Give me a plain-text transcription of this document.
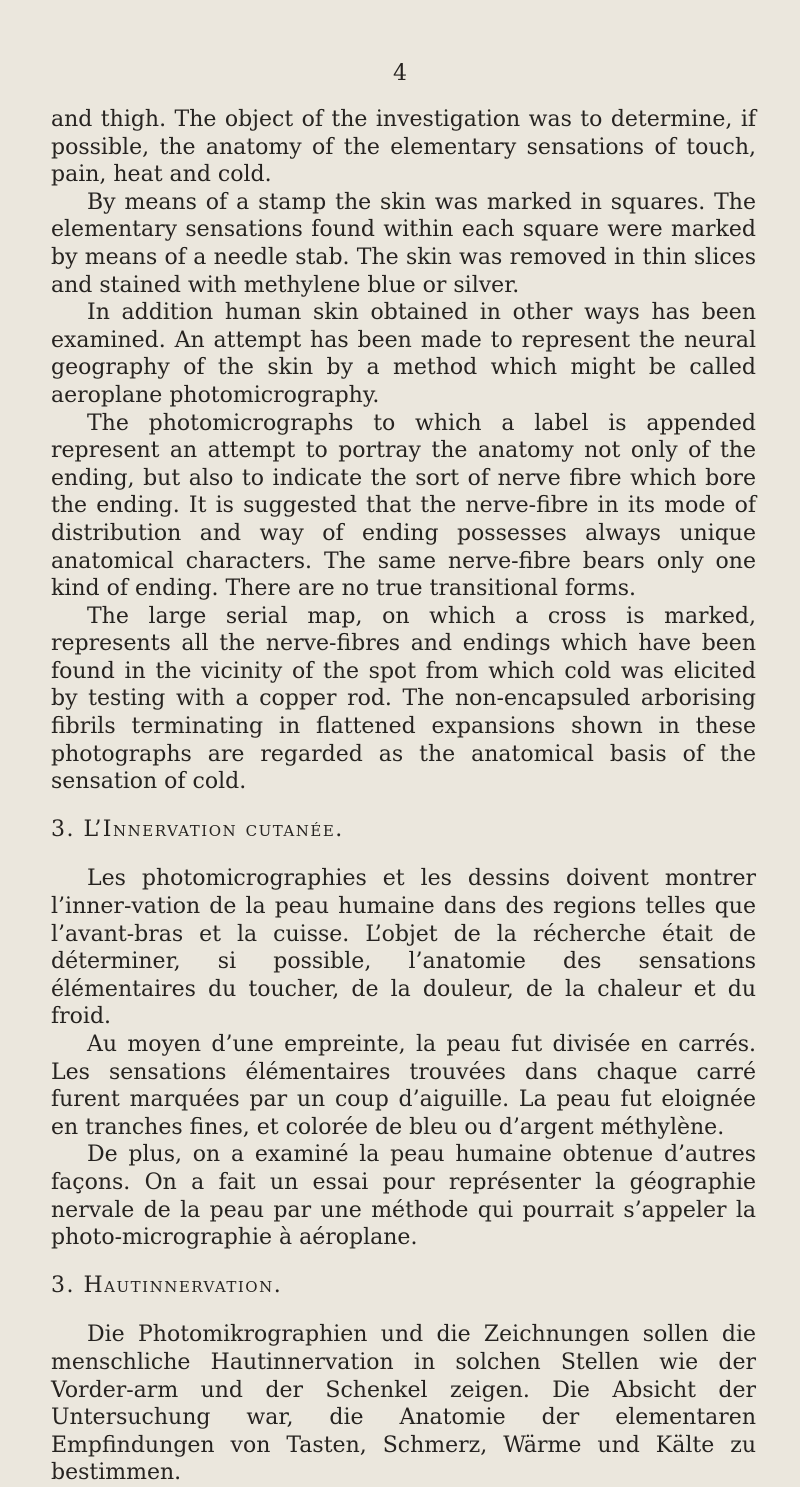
4

and thigh. The object of the investigation was to determine, if possible, the anatomy of the elementary sensations of touch, pain, heat and cold.

By means of a stamp the skin was marked in squares. The elementary sensations found within each square were marked by means of a needle stab. The skin was removed in thin slices and stained with methylene blue or silver.

In addition human skin obtained in other ways has been examined. An attempt has been made to represent the neural geography of the skin by a method which might be called aeroplane photomicrography.

The photomicrographs to which a label is appended represent an attempt to portray the anatomy not only of the ending, but also to indicate the sort of nerve fibre which bore the ending. It is suggested that the nerve-fibre in its mode of distribution and way of ending possesses always unique anatomical characters. The same nerve-fibre bears only one kind of ending. There are no true transitional forms.

The large serial map, on which a cross is marked, represents all the nerve-fibres and endings which have been found in the vicinity of the spot from which cold was elicited by testing with a copper rod. The non-encapsuled arborising fibrils terminating in flattened expansions shown in these photographs are regarded as the anatomical basis of the sensation of cold.

3. L’Innervation cutanée.

Les photomicrographies et les dessins doivent montrer l’inner-vation de la peau humaine dans des regions telles que l’avant-bras et la cuisse. L’objet de la récherche était de déterminer, si possible, l’anatomie des sensations élémentaires du toucher, de la douleur, de la chaleur et du froid.

Au moyen d’une empreinte, la peau fut divisée en carrés. Les sensations élémentaires trouvées dans chaque carré furent marquées par un coup d’aiguille. La peau fut eloignée en tranches fines, et colorée de bleu ou d’argent méthylène.

De plus, on a examiné la peau humaine obtenue d’autres façons. On a fait un essai pour représenter la géographie nervale de la peau par une méthode qui pourrait s’appeler la photo-micrographie à aéroplane.

3. Hautinnervation.

Die Photomikrographien und die Zeichnungen sollen die menschliche Hautinnervation in solchen Stellen wie der Vorder-arm und der Schenkel zeigen. Die Absicht der Untersuchung war, die Anatomie der elementaren Empfindungen von Tasten, Schmerz, Wärme und Kälte zu bestimmen.
